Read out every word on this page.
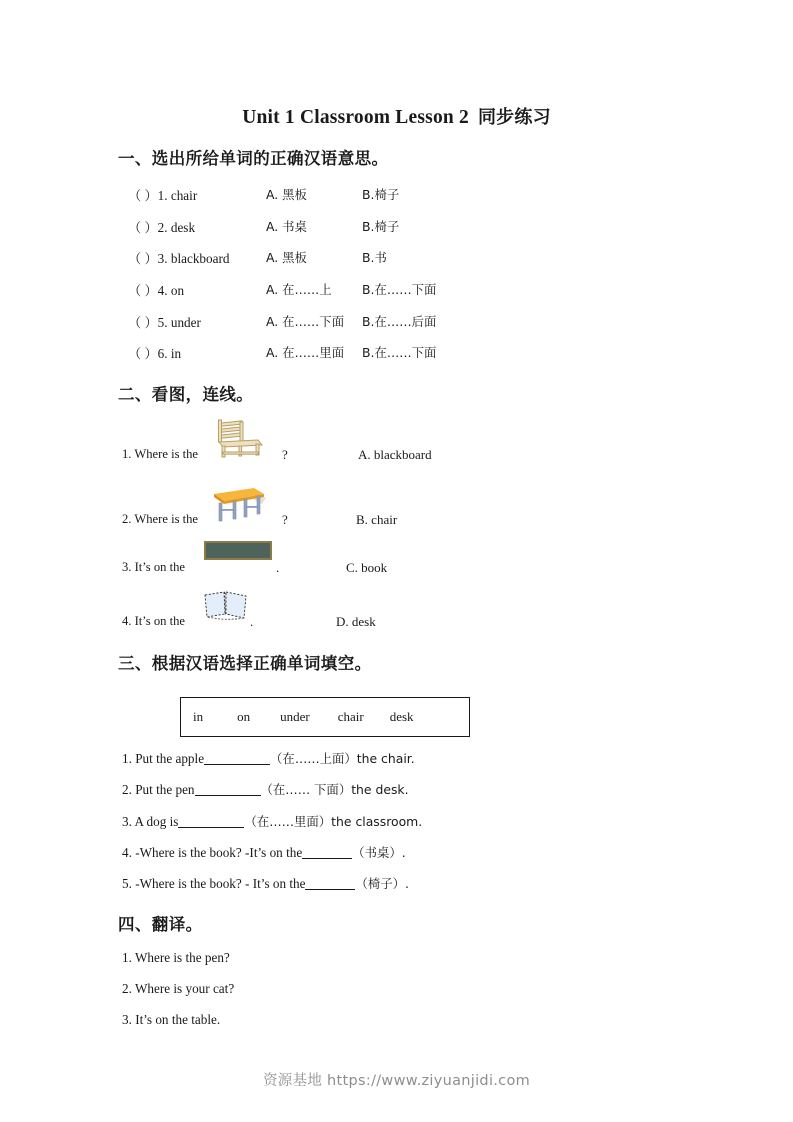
Unit 1 Classroom Lesson 2 同步练习
一、选出所给单词的正确汉语意思。
（ ）1. chair	A. 黑板	B.椅子
（ ）2. desk	A. 书桌	B.椅子
（ ）3. blackboard	A. 黑板	B.书
（ ）4. on	A. 在……上 B.在……下面
（ ）5. under	A. 在……下面 B.在……后面
（ ）6. in	A. 在……里面 B.在……下面
二、看图，连线。
1. Where is the	?	A. blackboard
2. Where is the	?	B. chair
3. It’s on the	.	C. book
4. It’s on the	.	D. desk
三、根据汉语选择正确单词填空。
in	on under chair desk
1. Put the apple	（在……上面）the chair.
2. Put the pen	（在…… 下面）the desk.
3. A dog is	（在……里面）the classroom.
4. -Where is the book? -It’s on the	（书桌）.
5. -Where is the book? - It’s on the	（椅子）.
四、翻译。
1. Where is the pen?
2. Where is your cat?
3. It’s on the table.
资源基地 https://www.ziyuanjidi.com
